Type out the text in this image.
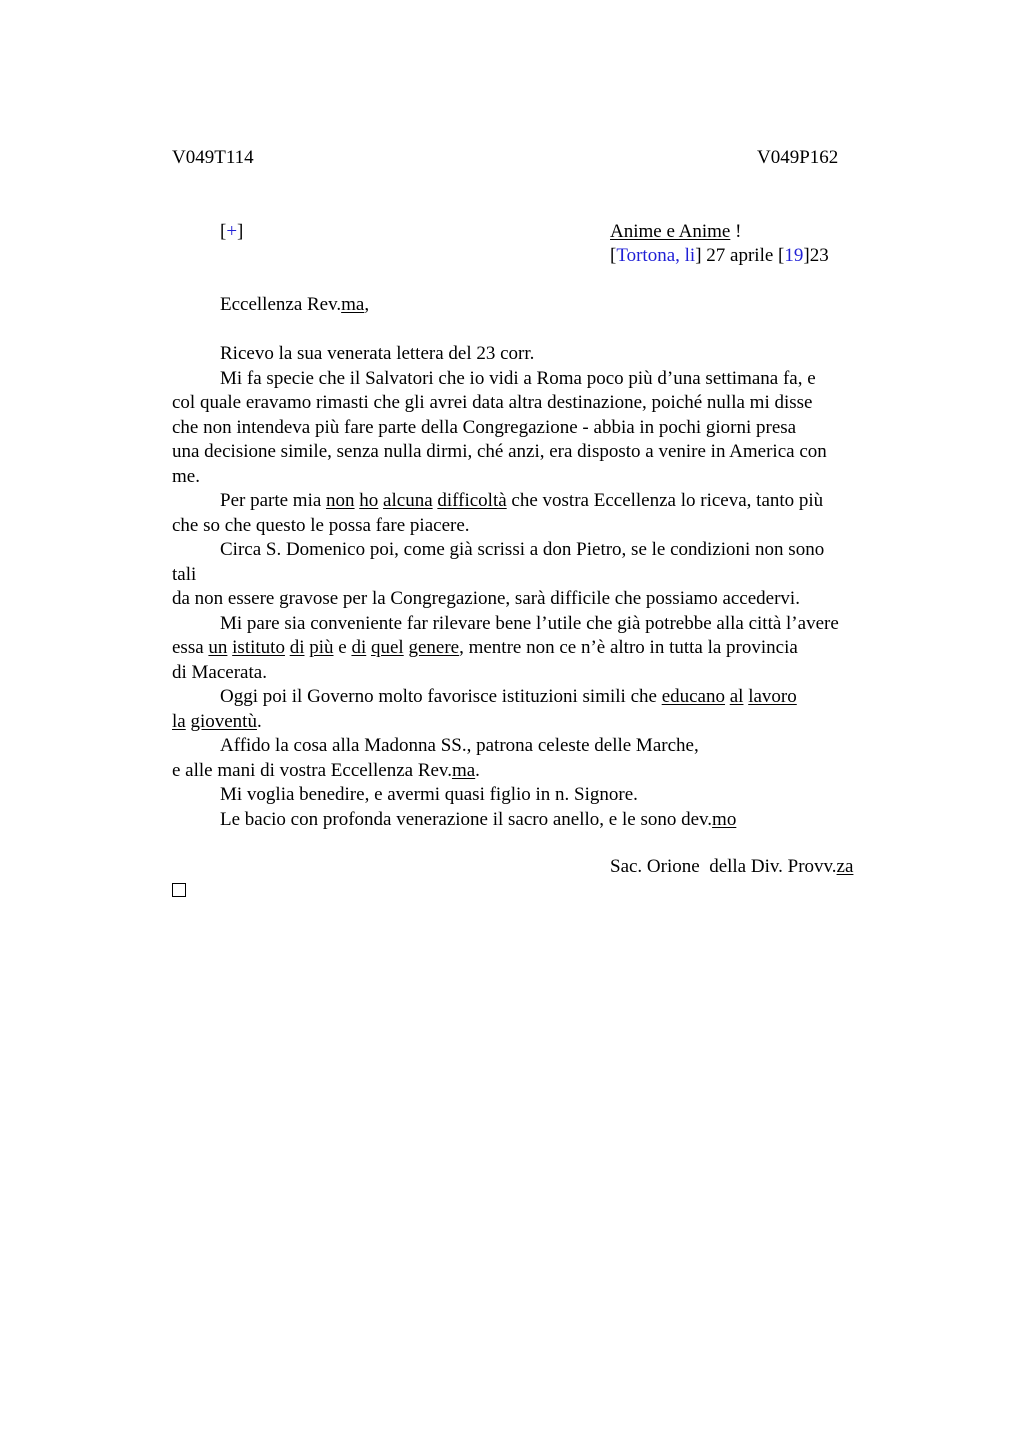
V049T114	V049P162
[+]	Anime e Anime !
[Tortona, li] 27 aprile [19]23
Eccellenza Rev.ma,

Ricevo la sua venerata lettera del 23 corr.

Mi fa specie che il Salvatori che io vidi a Roma poco più d’una settimana fa, e

col quale eravamo rimasti che gli avrei data altra destinazione, poiché nulla mi disse

che non intendeva più fare parte della Congregazione - abbia in pochi giorni presa

una decisione simile, senza nulla dirmi, ché anzi, era disposto a venire in America con

me.

Per parte mia non ho alcuna difficoltà che vostra Eccellenza lo riceva, tanto più

che so che questo le possa fare piacere.

Circa S. Domenico poi, come già scrissi a don Pietro, se le condizioni non sono

tali

da non essere gravose per la Congregazione, sarà difficile che possiamo accedervi.

Mi pare sia conveniente far rilevare bene l’utile che già potrebbe alla città l’avere

essa un istituto di più e di quel genere, mentre non ce n’è altro in tutta la provincia

di Macerata.

Oggi poi il Governo molto favorisce istituzioni simili che educano al lavoro

la gioventù.

Affido la cosa alla Madonna SS., patrona celeste delle Marche,

e alle mani di vostra Eccellenza Rev.ma.

Mi voglia benedire, e avermi quasi figlio in n. Signore.

Le bacio con profonda venerazione il sacro anello, e le sono dev.mo

Sac. Orione  della Div. Provv.za
